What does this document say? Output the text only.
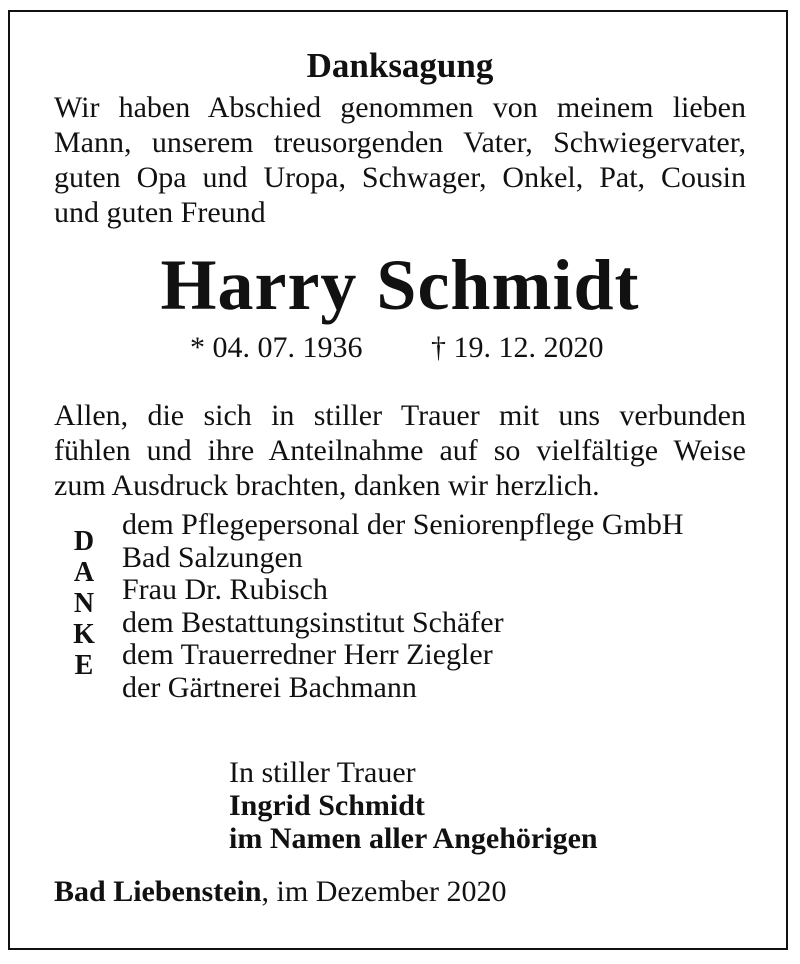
Danksagung

Wir haben Abschied genommen von meinem lieben
Mann, unserem treusorgenden Vater, Schwiegervater,
guten Opa und Uropa, Schwager, Onkel, Pat, Cousin
und guten Freund

Harry Schmidt
* 04. 07. 1936 † 19. 12. 2020

Allen, die sich in stiller Trauer mit uns verbunden
fühlen und ihre Anteilnahme auf so vielfältige Weise
zum Ausdruck brachten, danken wir herzlich.

D
A
N
K
E
dem Pflegepersonal der Seniorenpflege GmbH
Bad Salzungen
Frau Dr. Rubisch
dem Bestattungsinstitut Schäfer
dem Trauerredner Herr Ziegler
der Gärtnerei Bachmann
In stiller Trauer
Ingrid Schmidt
im Namen aller Angehörigen
Bad Liebenstein, im Dezember 2020
